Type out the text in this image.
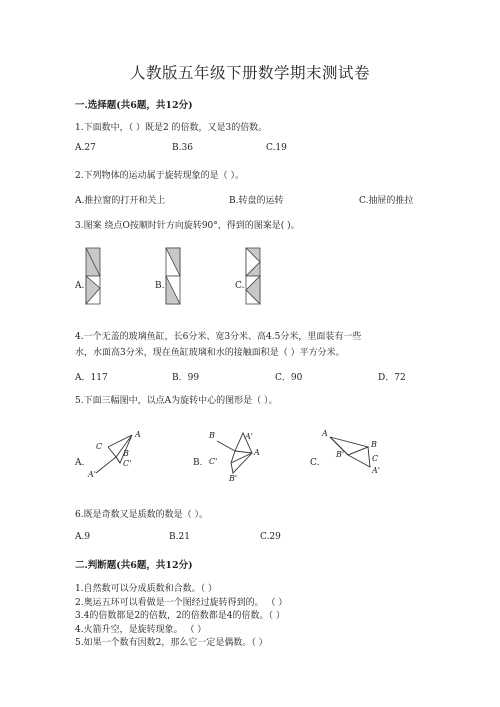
人教版五年级下册数学期末测试卷
一.选择题(共6题，共12分)
1.下面数中，（ ）既是2 的倍数，又是3的倍数。
A.27	B.36	C.19
2.下列物体的运动属于旋转现象的是（ ）。
A.推拉窗的打开和关上	B.转盘的运转	C.抽屉的推拉
3.图案 绕点O按顺时针方向旋转90°，得到的图案是( )。
A.	B.	C.
4.一个无盖的玻璃鱼缸，长6分米、宽3分米、高4.5分米，里面装有一些
水，水面高3分米，现在鱼缸玻璃和水的接触面积是（ ）平方分米。
A．117	B．99	C．90	D．72
5.下面三幅图中，以点A为旋转中心的图形是（ ）。
A.
C
A
B
C'
A'
B.
B
A
C'
A'
B'
C.
A
B
B'	C
A'
6.既是奇数又是质数的数是（ ）。
A.9	B.21	C.29
二.判断题(共6题，共12分)
1.自然数可以分成质数和合数。（ ）
2.奥运五环可以看做是一个图经过旋转得到的。 （ ）
3.4的倍数都是2的倍数，2的倍数都是4的倍数。（ ）
4.火箭升空，是旋转现象。 （ ）
5.如果一个数有因数2，那么它一定是偶数。（ ）
